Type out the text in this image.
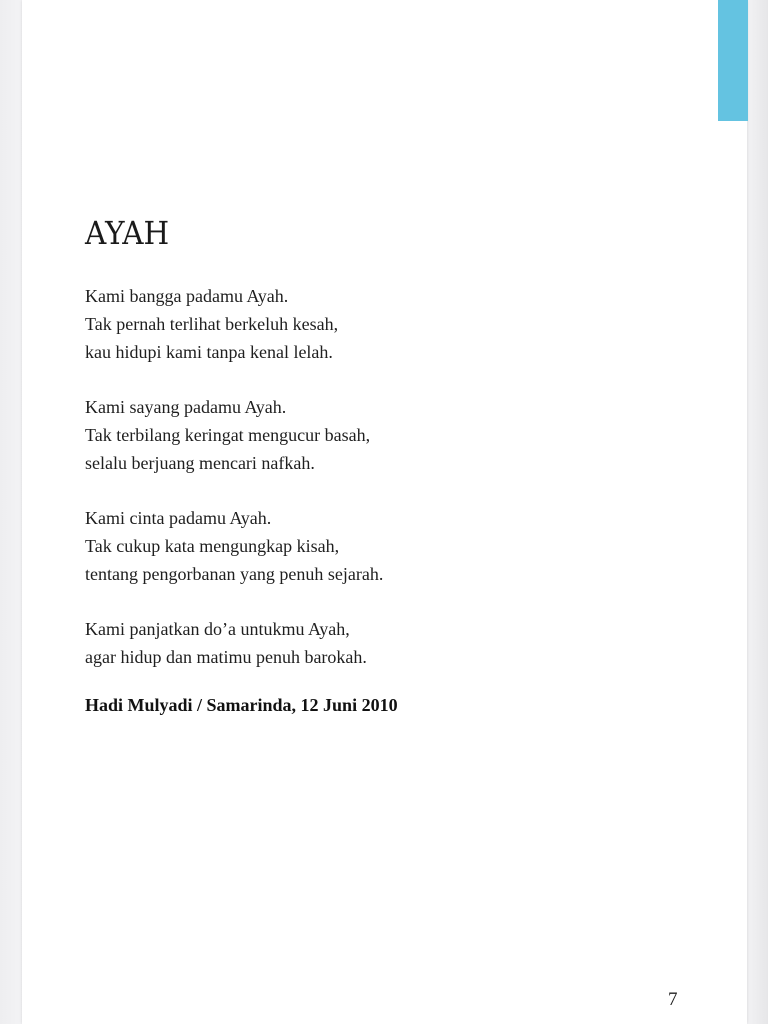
AYAH

Kami bangga padamu Ayah.
Tak pernah terlihat berkeluh kesah,
kau hidupi kami tanpa kenal lelah.

Kami sayang padamu Ayah.
Tak terbilang keringat mengucur basah,
selalu berjuang mencari nafkah.

Kami cinta padamu Ayah.
Tak cukup kata mengungkap kisah,
tentang pengorbanan yang penuh sejarah.

Kami panjatkan do’a untukmu Ayah,
agar hidup dan matimu penuh barokah.

Hadi Mulyadi / Samarinda, 12 Juni 2010
7
